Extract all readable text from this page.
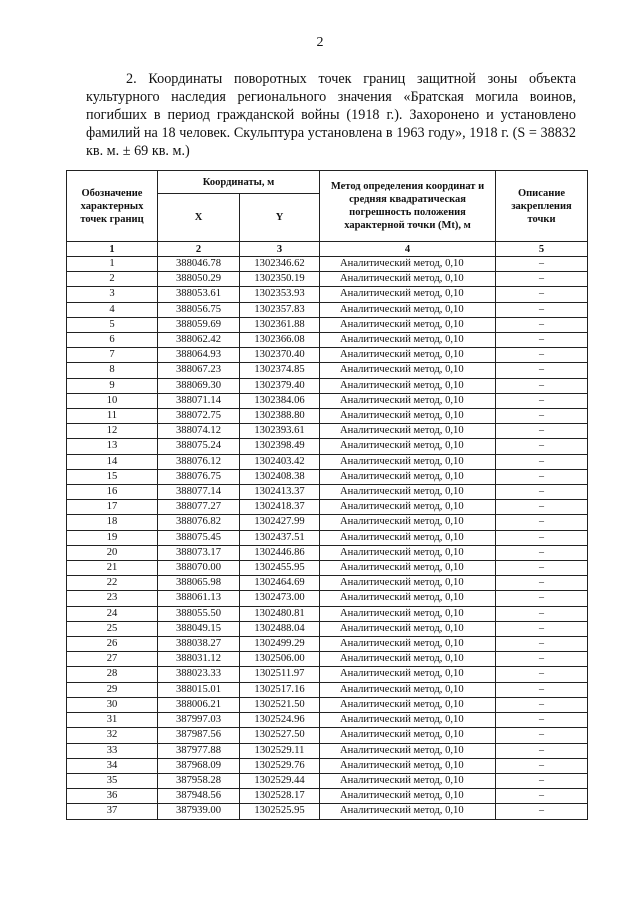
2

2. Координаты поворотных точек границ защитной зоны объекта культурного наследия регионального значения «Братская могила воинов, погибших в период гражданской войны (1918 г.). Захоронено и установлено фамилий на 18 человек. Скульптура установлена в 1963 году», 1918 г. (S = 38832 кв. м. ± 69 кв. м.)

Обозначение характерных точек границ	Координаты, м		Метод определения координат и средняя квадратическая погрешность положения характерной точки (Mt), м	Описание закрепления точки
	X	Y		
1	2	3	4	5
1	388046.78	1302346.62	Аналитический метод, 0,10	–
2	388050.29	1302350.19	Аналитический метод, 0,10	–
3	388053.61	1302353.93	Аналитический метод, 0,10	–
4	388056.75	1302357.83	Аналитический метод, 0,10	–
5	388059.69	1302361.88	Аналитический метод, 0,10	–
6	388062.42	1302366.08	Аналитический метод, 0,10	–
7	388064.93	1302370.40	Аналитический метод, 0,10	–
8	388067.23	1302374.85	Аналитический метод, 0,10	–
9	388069.30	1302379.40	Аналитический метод, 0,10	–
10	388071.14	1302384.06	Аналитический метод, 0,10	–
11	388072.75	1302388.80	Аналитический метод, 0,10	–
12	388074.12	1302393.61	Аналитический метод, 0,10	–
13	388075.24	1302398.49	Аналитический метод, 0,10	–
14	388076.12	1302403.42	Аналитический метод, 0,10	–
15	388076.75	1302408.38	Аналитический метод, 0,10	–
16	388077.14	1302413.37	Аналитический метод, 0,10	–
17	388077.27	1302418.37	Аналитический метод, 0,10	–
18	388076.82	1302427.99	Аналитический метод, 0,10	–
19	388075.45	1302437.51	Аналитический метод, 0,10	–
20	388073.17	1302446.86	Аналитический метод, 0,10	–
21	388070.00	1302455.95	Аналитический метод, 0,10	–
22	388065.98	1302464.69	Аналитический метод, 0,10	–
23	388061.13	1302473.00	Аналитический метод, 0,10	–
24	388055.50	1302480.81	Аналитический метод, 0,10	–
25	388049.15	1302488.04	Аналитический метод, 0,10	–
26	388038.27	1302499.29	Аналитический метод, 0,10	–
27	388031.12	1302506.00	Аналитический метод, 0,10	–
28	388023.33	1302511.97	Аналитический метод, 0,10	–
29	388015.01	1302517.16	Аналитический метод, 0,10	–
30	388006.21	1302521.50	Аналитический метод, 0,10	–
31	387997.03	1302524.96	Аналитический метод, 0,10	–
32	387987.56	1302527.50	Аналитический метод, 0,10	–
33	387977.88	1302529.11	Аналитический метод, 0,10	–
34	387968.09	1302529.76	Аналитический метод, 0,10	–
35	387958.28	1302529.44	Аналитический метод, 0,10	–
36	387948.56	1302528.17	Аналитический метод, 0,10	–
37	387939.00	1302525.95	Аналитический метод, 0,10	–
